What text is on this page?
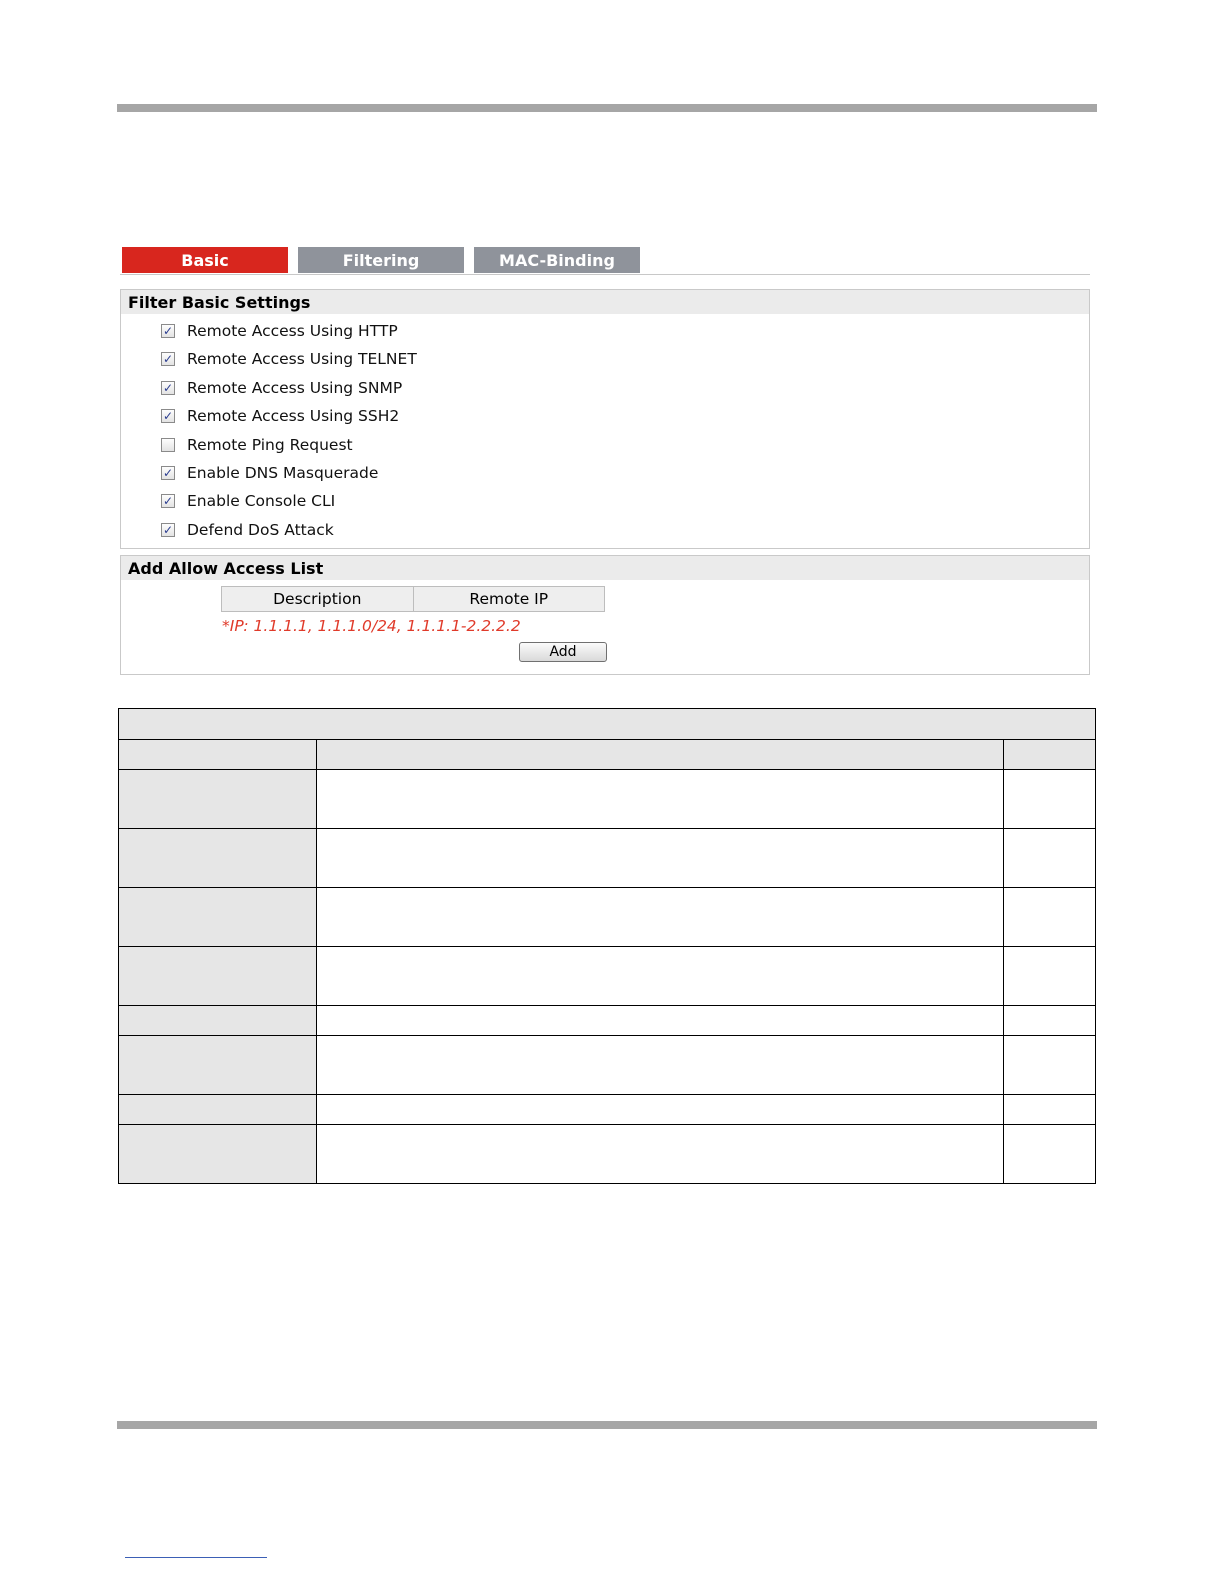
Basic	Filtering	MAC-Binding
Filter Basic Settings
✓ Remote Access Using HTTP
✓ Remote Access Using TELNET
✓ Remote Access Using SNMP
✓ Remote Access Using SSH2
Remote Ping Request
✓ Enable DNS Masquerade
✓ Enable Console CLI
✓ Defend DoS Attack
Add Allow Access List
Description	Remote IP
*IP: 1.1.1.1, 1.1.1.0/24, 1.1.1.1-2.2.2.2
Add
